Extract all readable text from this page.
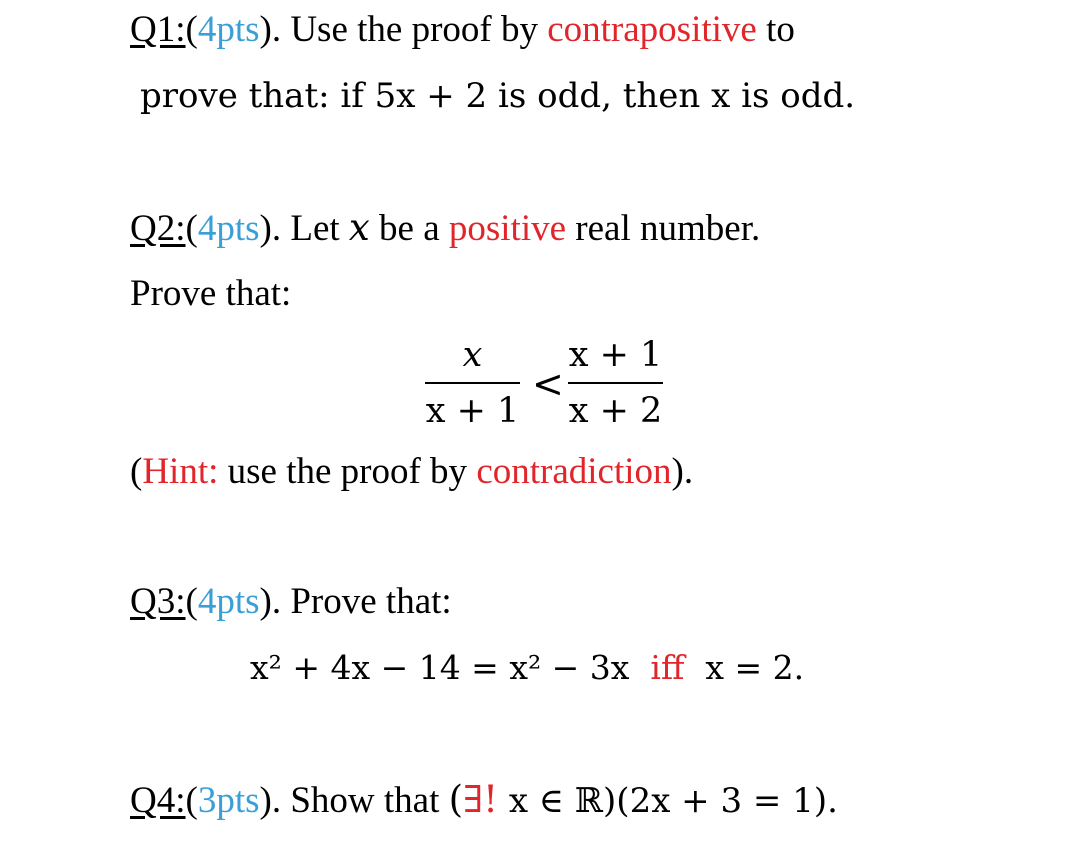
Q1:(4pts). Use the proof by contrapositive to
prove that: if 5x + 2 is odd, then x is odd.
Q2:(4pts). Let x be a positive real number.
Prove that:
x
x + 1
<
x + 1
x + 2
(Hint: use the proof by contradiction).
Q3:(4pts). Prove that:
x² + 4x − 14 = x² − 3x iff x = 2.
Q4:(3pts). Show that (∃! x ∈ ℝ)(2x + 3 = 1).
